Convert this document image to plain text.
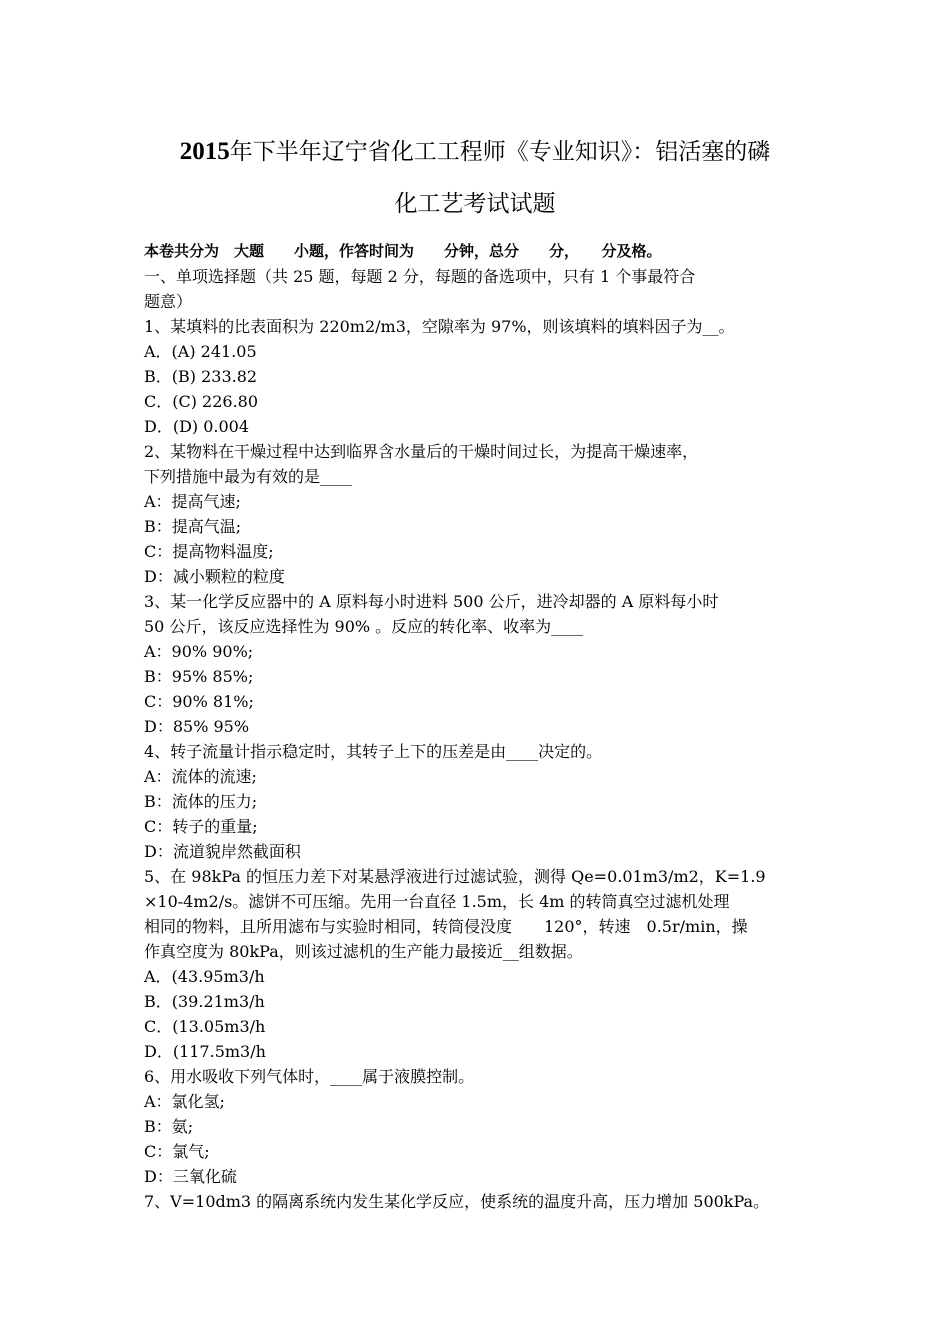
2015年下半年辽宁省化工工程师《专业知识》：铝活塞的磷
化工艺考试试题
本卷共分为　大题　　小题，作答时间为　　分钟，总分　　分，　　分及格。
一、单项选择题（共 25 题，每题 2 分，每题的备选项中，只有 1 个事最符合
题意）
1、某填料的比表面积为 220m2/m3，空隙率为 97%，则该填料的填料因子为__。
A．(A) 241.05
B．(B) 233.82
C．(C) 226.80
D．(D) 0.004
2、某物料在干燥过程中达到临界含水量后的干燥时间过长，为提高干燥速率，
下列措施中最为有效的是____
A：提高气速;
B：提高气温;
C：提高物料温度;
D：减小颗粒的粒度
3、某一化学反应器中的 A 原料每小时进料 500 公斤，进冷却器的 A 原料每小时
50 公斤，该反应选择性为 90% 。反应的转化率、收率为____
A：90% 90%;
B：95% 85%;
C：90% 81%;
D：85% 95%
4、转子流量计指示稳定时，其转子上下的压差是由____决定的。
A：流体的流速;
B：流体的压力;
C：转子的重量;
D：流道貌岸然截面积
5、在 98kPa 的恒压力差下对某悬浮液进行过滤试验，测得 Qe=0.01m3/m2，K=1.9
×10-4m2/s。滤饼不可压缩。先用一台直径 1.5m，长 4m 的转筒真空过滤机处理
相同的物料，且所用滤布与实验时相同，转筒侵没度　　120°，转速　0.5r/min，操
作真空度为 80kPa，则该过滤机的生产能力最接近__组数据。
A．(43.95m3/h
B．(39.21m3/h
C．(13.05m3/h
D．(117.5m3/h
6、用水吸收下列气体时，____属于液膜控制。
A：氯化氢;
B：氨;
C：氯气;
D：三氧化硫
7、V=10dm3 的隔离系统内发生某化学反应，使系统的温度升高，压力增加 500kPa。
